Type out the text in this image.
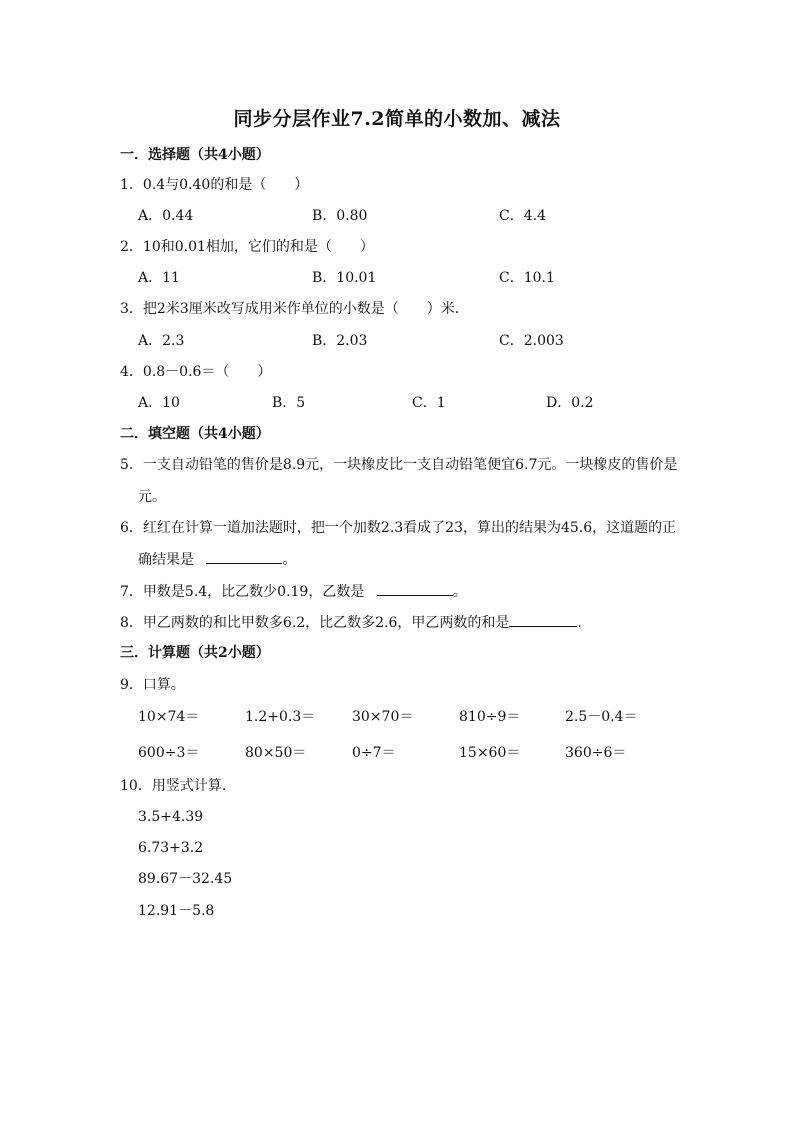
同步分层作业7.2简单的小数加、减法
一．选择题（共4小题）
1．0.4与0.40的和是（　　）
A．0.44	B．0.80	C．4.4
2．10和0.01相加，它们的和是（　　）
A．11	B．10.01	C．10.1
3．把2米3厘米改写成用米作单位的小数是（　　）米．
A．2.3	B．2.03	C．2.003
4．0.8－0.6＝（　　）
A．10	B．5	C．1	D．0.2
二．填空题（共4小题）
5．一支自动铅笔的售价是8.9元，一块橡皮比一支自动铅笔便宜6.7元。一块橡皮的售价是
元。
6．红红在计算一道加法题时，把一个加数2.3看成了23，算出的结果为45.6，这道题的正
确结果是	。
7．甲数是5.4，比乙数少0.19，乙数是	。
8．甲乙两数的和比甲数多6.2，比乙数多2.6，甲乙两数的和是	.
三．计算题（共2小题）
9．口算。
10×74＝	1.2+0.3＝	30×70＝	810÷9＝	2.5－0.4＝
600÷3＝	80×50＝	0÷7＝	15×60＝	360÷6＝
10．用竖式计算．
3.5+4.39
6.73+3.2
89.67－32.45
12.91－5.8
